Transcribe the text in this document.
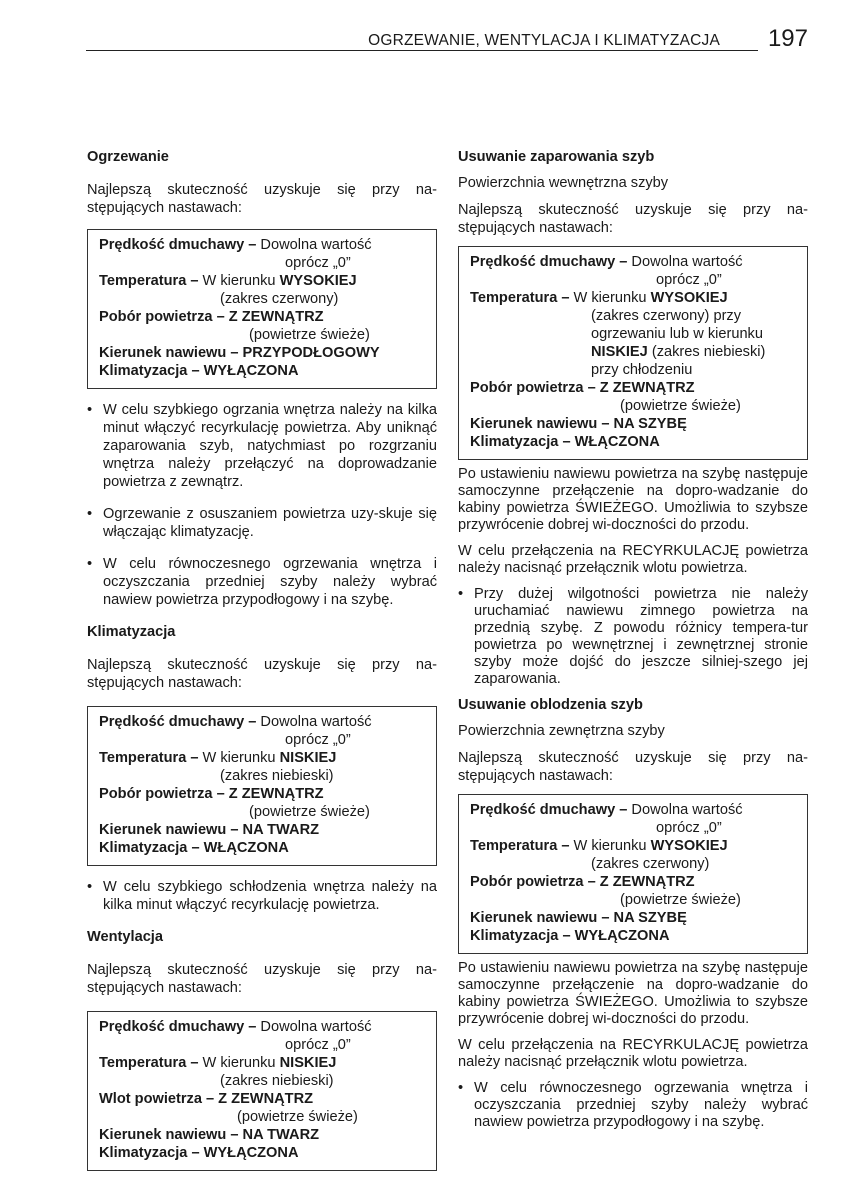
OGRZEWANIE, WENTYLACJA I KLIMATYZACJA 197
Ogrzewanie
Najlepszą skuteczność uzyskuje się przy na-stępujących nastawach:
Prędkość dmuchawy – Dowolna wartość
oprócz „0”
Temperatura – W kierunku WYSOKIEJ
(zakres czerwony)
Pobór powietrza – Z ZEWNĄTRZ
(powietrze świeże)
Kierunek nawiewu – PRZYPODŁOGOWY
Klimatyzacja – WYŁĄCZONA
• W celu szybkiego ogrzania wnętrza należy na kilka minut włączyć recyrkulację powietrza. Aby uniknąć zaparowania szyb, natychmiast po rozgrzaniu wnętrza należy przełączyć na doprowadzanie powietrza z zewnątrz.
• Ogrzewanie z osuszaniem powietrza uzy-skuje się włączając klimatyzację.
• W celu równoczesnego ogrzewania wnętrza i oczyszczania przedniej szyby należy wybrać nawiew powietrza przypodłogowy i na szybę.
Klimatyzacja
Najlepszą skuteczność uzyskuje się przy na-stępujących nastawach:
Prędkość dmuchawy – Dowolna wartość
oprócz „0”
Temperatura – W kierunku NISKIEJ
(zakres niebieski)
Pobór powietrza – Z ZEWNĄTRZ
(powietrze świeże)
Kierunek nawiewu – NA TWARZ
Klimatyzacja – WŁĄCZONA
• W celu szybkiego schłodzenia wnętrza należy na kilka minut włączyć recyrkulację powietrza.
Wentylacja
Najlepszą skuteczność uzyskuje się przy na-stępujących nastawach:
Prędkość dmuchawy – Dowolna wartość
oprócz „0”
Temperatura – W kierunku NISKIEJ
(zakres niebieski)
Wlot powietrza – Z ZEWNĄTRZ
(powietrze świeże)
Kierunek nawiewu – NA TWARZ
Klimatyzacja – WYŁĄCZONA
Usuwanie zaparowania szyb
Powierzchnia wewnętrzna szyby
Najlepszą skuteczność uzyskuje się przy na-stępujących nastawach:
Prędkość dmuchawy – Dowolna wartość
oprócz „0”
Temperatura – W kierunku WYSOKIEJ
(zakres czerwony) przy
ogrzewaniu lub w kierunku
NISKIEJ (zakres niebieski)
przy chłodzeniu
Pobór powietrza – Z ZEWNĄTRZ
(powietrze świeże)
Kierunek nawiewu – NA SZYBĘ
Klimatyzacja – WŁĄCZONA
Po ustawieniu nawiewu powietrza na szybę następuje samoczynne przełączenie na dopro-wadzanie do kabiny powietrza ŚWIEŻEGO. Umożliwia to szybsze przywrócenie dobrej wi-doczności do przodu.
W celu przełączenia na RECYRKULACJĘ powietrza należy nacisnąć przełącznik wlotu powietrza.
• Przy dużej wilgotności powietrza nie należy uruchamiać nawiewu zimnego powietrza na przednią szybę. Z powodu różnicy tempera-tur powietrza po wewnętrznej i zewnętrznej stronie szyby może dojść do jeszcze silniej-szego jej zaparowania.
Usuwanie oblodzenia szyb
Powierzchnia zewnętrzna szyby
Najlepszą skuteczność uzyskuje się przy na-stępujących nastawach:
Prędkość dmuchawy – Dowolna wartość
oprócz „0”
Temperatura – W kierunku WYSOKIEJ
(zakres czerwony)
Pobór powietrza – Z ZEWNĄTRZ
(powietrze świeże)
Kierunek nawiewu – NA SZYBĘ
Klimatyzacja – WYŁĄCZONA
Po ustawieniu nawiewu powietrza na szybę następuje samoczynne przełączenie na dopro-wadzanie do kabiny powietrza ŚWIEŻEGO. Umożliwia to szybsze przywrócenie dobrej wi-doczności do przodu.
W celu przełączenia na RECYRKULACJĘ powietrza należy nacisnąć przełącznik wlotu powietrza.
• W celu równoczesnego ogrzewania wnętrza i oczyszczania przedniej szyby należy wybrać nawiew powietrza przypodłogowy i na szybę.
